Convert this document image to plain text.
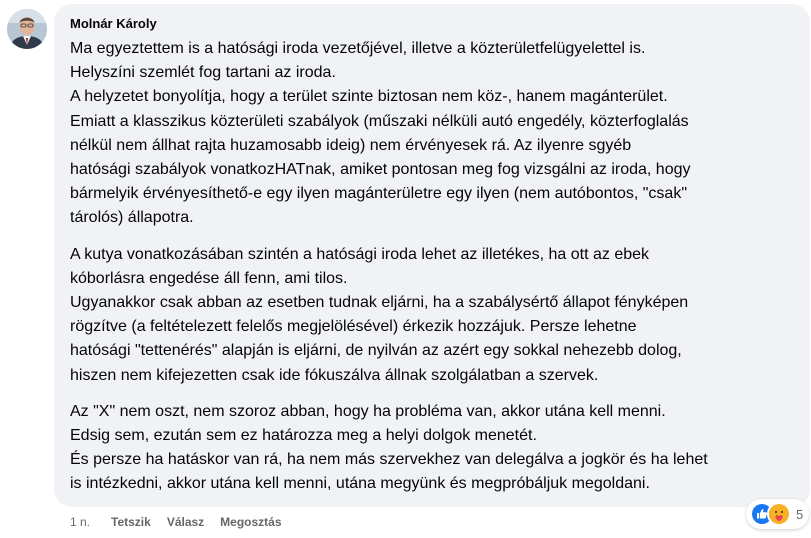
Molnár Károly
Ma egyeztettem is a hatósági iroda vezetőjével, illetve a közterületfelügyelettel is.
Helyszíni szemlét fog tartani az iroda.
A helyzetet bonyolítja, hogy a terület szinte biztosan nem köz-, hanem magánterület.
Emiatt a klasszikus közterületi szabályok (műszaki nélküli autó engedély, közterfoglalás
nélkül nem állhat rajta huzamosabb ideig) nem érvényesek rá. Az ilyenre sgyéb
hatósági szabályok vonatkozHATnak, amiket pontosan meg fog vizsgálni az iroda, hogy
bármelyik érvényesíthető-e egy ilyen magánterületre egy ilyen (nem autóbontos, "csak"
tárolós) állapotra.
A kutya vonatkozásában szintén a hatósági iroda lehet az illetékes, ha ott az ebek
kóborlásra engedése áll fenn, ami tilos.
Ugyanakkor csak abban az esetben tudnak eljárni, ha a szabálysértő állapot fényképen
rögzítve (a feltételezett felelős megjelölésével) érkezik hozzájuk. Persze lehetne
hatósági "tettenérés" alapján is eljárni, de nyilván az azért egy sokkal nehezebb dolog,
hiszen nem kifejezetten csak ide fókuszálva állnak szolgálatban a szervek.
Az "X" nem oszt, nem szoroz abban, hogy ha probléma van, akkor utána kell menni.
Edsig sem, ezután sem ez határozza meg a helyi dolgok menetét.
És persze ha hatáskor van rá, ha nem más szervekhez van delegálva a jogkör és ha lehet
is intézkedni, akkor utána kell menni, utána megyünk és megpróbáljuk megoldani.
1 n. Tetszik Válasz Megosztás
5
